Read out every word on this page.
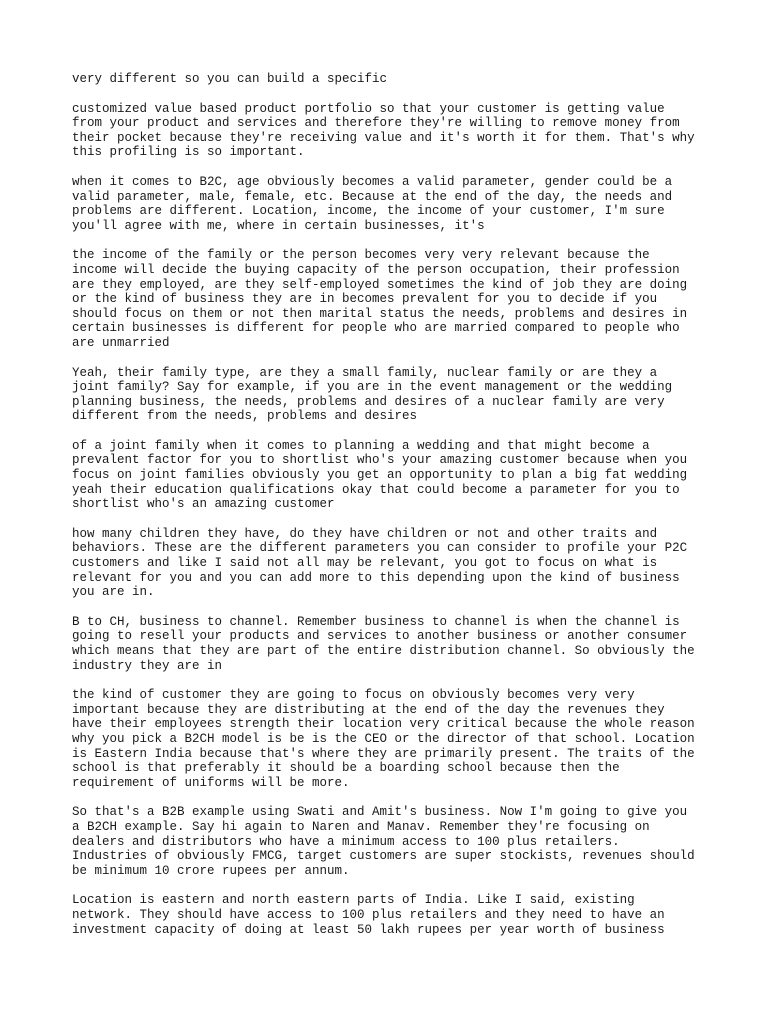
very different so you can build a specific

customized value based product portfolio so that your customer is getting value
from your product and services and therefore they're willing to remove money from
their pocket because they're receiving value and it's worth it for them. That's why
this profiling is so important.

when it comes to B2C, age obviously becomes a valid parameter, gender could be a
valid parameter, male, female, etc. Because at the end of the day, the needs and
problems are different. Location, income, the income of your customer, I'm sure
you'll agree with me, where in certain businesses, it's

the income of the family or the person becomes very very relevant because the
income will decide the buying capacity of the person occupation, their profession
are they employed, are they self-employed sometimes the kind of job they are doing
or the kind of business they are in becomes prevalent for you to decide if you
should focus on them or not then marital status the needs, problems and desires in
certain businesses is different for people who are married compared to people who
are unmarried

Yeah, their family type, are they a small family, nuclear family or are they a
joint family? Say for example, if you are in the event management or the wedding
planning business, the needs, problems and desires of a nuclear family are very
different from the needs, problems and desires

of a joint family when it comes to planning a wedding and that might become a
prevalent factor for you to shortlist who's your amazing customer because when you
focus on joint families obviously you get an opportunity to plan a big fat wedding
yeah their education qualifications okay that could become a parameter for you to
shortlist who's an amazing customer

how many children they have, do they have children or not and other traits and
behaviors. These are the different parameters you can consider to profile your P2C
customers and like I said not all may be relevant, you got to focus on what is
relevant for you and you can add more to this depending upon the kind of business
you are in.

B to CH, business to channel. Remember business to channel is when the channel is
going to resell your products and services to another business or another consumer
which means that they are part of the entire distribution channel. So obviously the
industry they are in

the kind of customer they are going to focus on obviously becomes very very
important because they are distributing at the end of the day the revenues they
have their employees strength their location very critical because the whole reason
why you pick a B2CH model is be is the CEO or the director of that school. Location
is Eastern India because that's where they are primarily present. The traits of the
school is that preferably it should be a boarding school because then the
requirement of uniforms will be more.

So that's a B2B example using Swati and Amit's business. Now I'm going to give you
a B2CH example. Say hi again to Naren and Manav. Remember they're focusing on
dealers and distributors who have a minimum access to 100 plus retailers.
Industries of obviously FMCG, target customers are super stockists, revenues should
be minimum 10 crore rupees per annum.

Location is eastern and north eastern parts of India. Like I said, existing
network. They should have access to 100 plus retailers and they need to have an
investment capacity of doing at least 50 lakh rupees per year worth of business
